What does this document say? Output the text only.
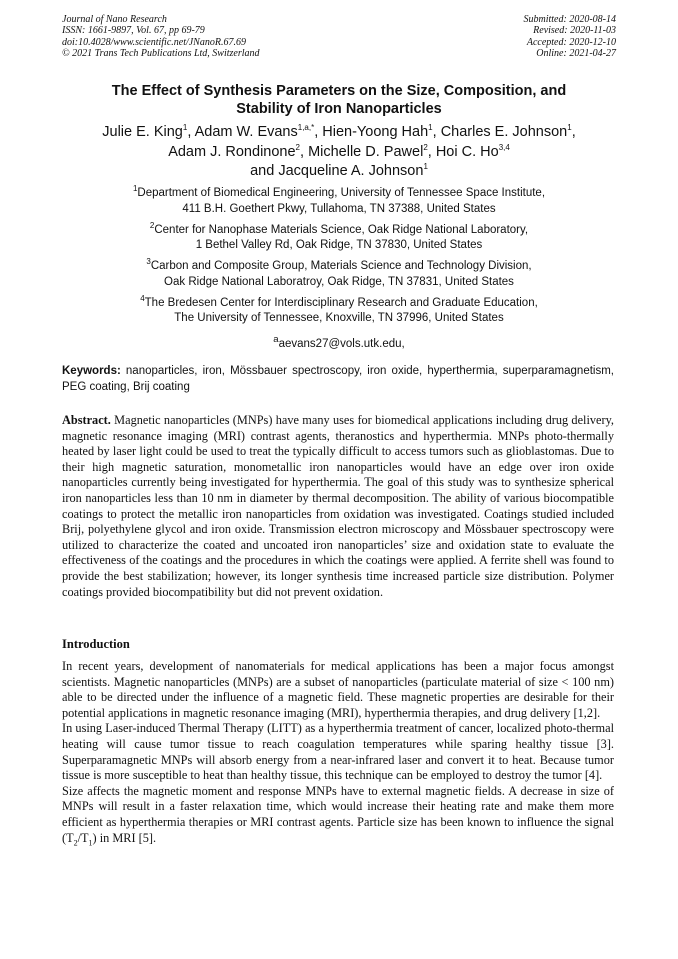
Journal of Nano Research
ISSN: 1661-9897, Vol. 67, pp 69-79
doi:10.4028/www.scientific.net/JNanoR.67.69
© 2021 Trans Tech Publications Ltd, Switzerland
Submitted: 2020-08-14
Revised: 2020-11-03
Accepted: 2020-12-10
Online: 2021-04-27
The Effect of Synthesis Parameters on the Size, Composition, and
Stability of Iron Nanoparticles
Julie E. King$^1$, Adam W. Evans$^{1,a,*}$, Hien-Yoong Hah$^1$, Charles E. Johnson$^1$,
Adam J. Rondinone$^2$, Michelle D. Pawel$^2$, Hoi C. Ho$^{3,4}$
and Jacqueline A. Johnson$^1$
$^1$Department of Biomedical Engineering, University of Tennessee Space Institute,
411 B.H. Goethert Pkwy, Tullahoma, TN 37388, United States
$^2$Center for Nanophase Materials Science, Oak Ridge National Laboratory,
1 Bethel Valley Rd, Oak Ridge, TN 37830, United States
$^3$Carbon and Composite Group, Materials Science and Technology Division,
Oak Ridge National Laboratroy, Oak Ridge, TN 37831, United States
$^4$The Bredesen Center for Interdisciplinary Research and Graduate Education,
The University of Tennessee, Knoxville, TN 37996, United States
$^a$aevans27@vols.utk.edu,
Keywords: nanoparticles, iron, Mössbauer spectroscopy, iron oxide, hyperthermia, superparamagnetism, PEG coating, Brij coating
Abstract. Magnetic nanoparticles (MNPs) have many uses for biomedical applications including drug delivery, magnetic resonance imaging (MRI) contrast agents, theranostics and hyperthermia. MNPs photo-thermally heated by laser light could be used to treat the typically difficult to access tumors such as glioblastomas. Due to their high magnetic saturation, monometallic iron nanoparticles would have an edge over iron oxide nanoparticles currently being investigated for hyperthermia. The goal of this study was to synthesize spherical iron nanoparticles less than 10 nm in diameter by thermal decomposition. The ability of various biocompatible coatings to protect the metallic iron nanoparticles from oxidation was investigated. Coatings studied included Brij, polyethylene glycol and iron oxide. Transmission electron microscopy and Mössbauer spectroscopy were utilized to characterize the coated and uncoated iron nanoparticles’ size and oxidation state to evaluate the effectiveness of the coatings and the procedures in which the coatings were applied. A ferrite shell was found to provide the best stabilization; however, its longer synthesis time increased particle size distribution. Polymer coatings provided biocompatibility but did not prevent oxidation.
Introduction

In recent years, development of nanomaterials for medical applications has been a major focus amongst scientists. Magnetic nanoparticles (MNPs) are a subset of nanoparticles (particulate material of size < 100 nm) able to be directed under the influence of a magnetic field. These magnetic properties are desirable for their potential applications in magnetic resonance imaging (MRI), hyperthermia therapies, and drug delivery [1,2].

In using Laser-induced Thermal Therapy (LITT) as a hyperthermia treatment of cancer, localized photo-thermal heating will cause tumor tissue to reach coagulation temperatures while sparing healthy tissue [3]. Superparamagnetic MNPs will absorb energy from a near-infrared laser and convert it to heat. Because tumor tissue is more susceptible to heat than healthy tissue, this technique can be employed to destroy the tumor [4].

Size affects the magnetic moment and response MNPs have to external magnetic fields. A decrease in size of MNPs will result in a faster relaxation time, which would increase their heating rate and make them more efficient as hyperthermia therapies or MRI contrast agents. Particle size has been known to influence the signal $(T_2/T_1)$ in MRI [5].
